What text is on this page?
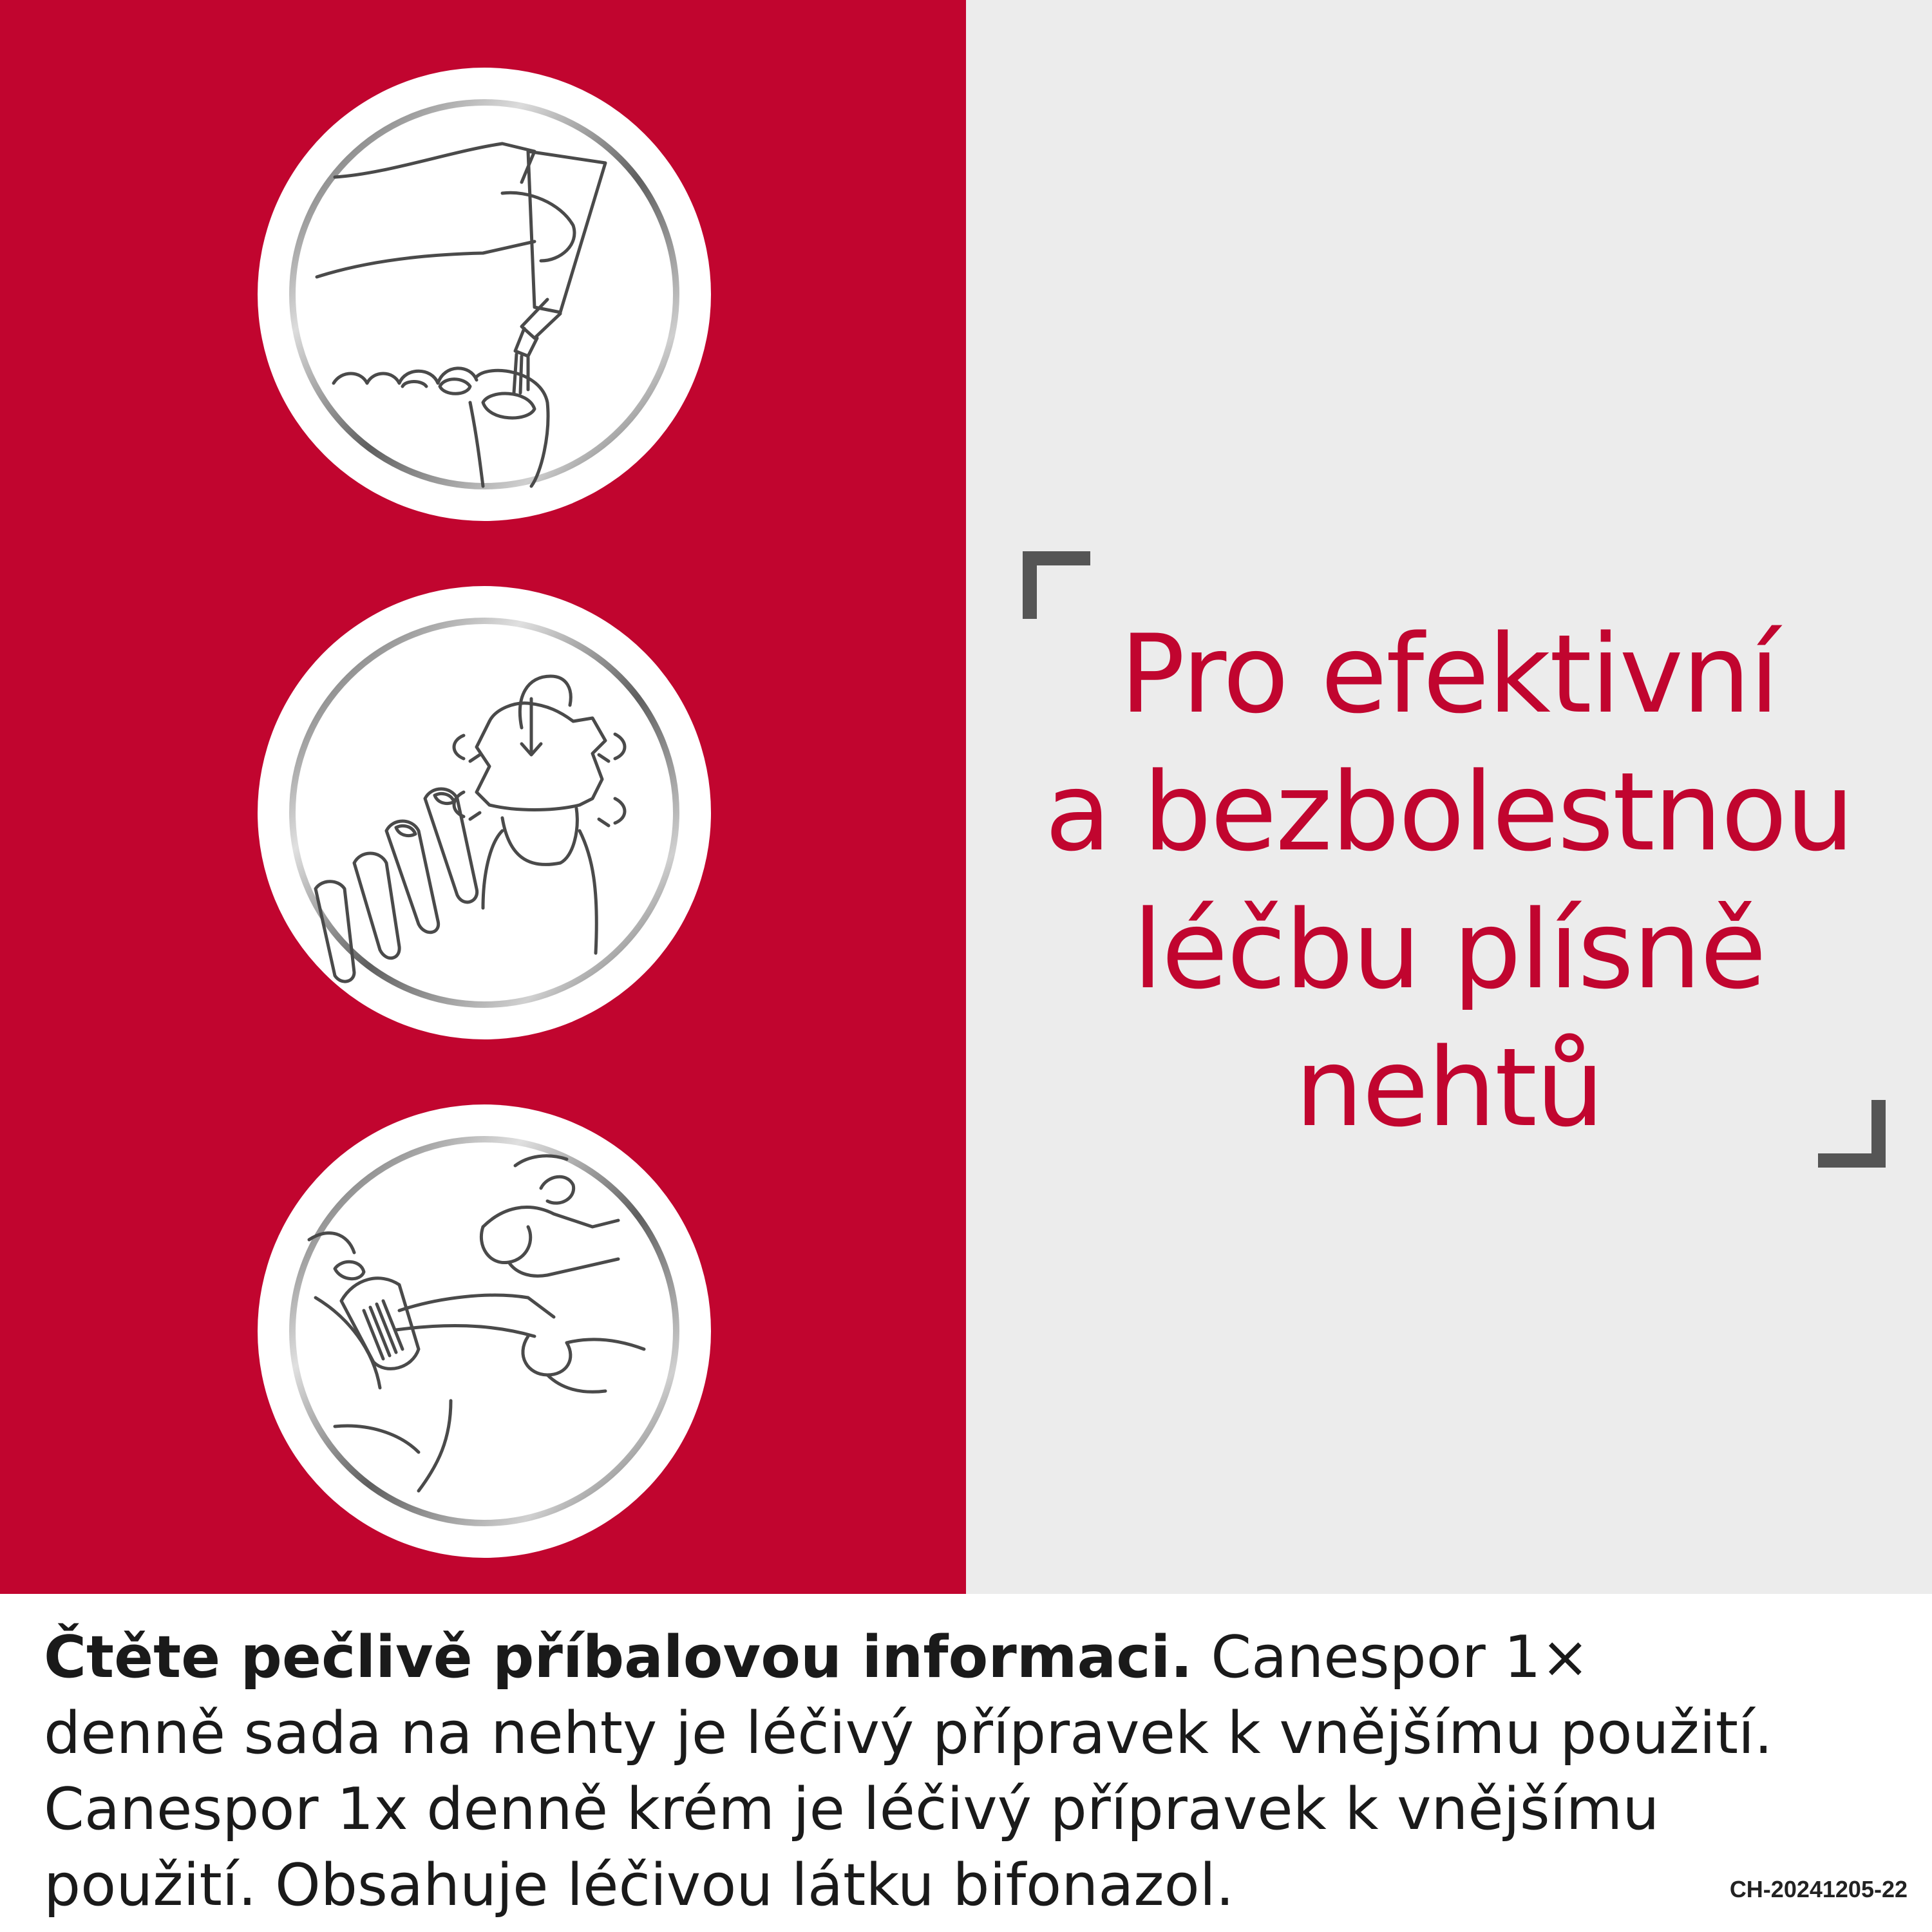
Pro efektivní
a bezbolestnou
léčbu plísně
nehtů

Čtěte pečlivě příbalovou informaci. Canespor 1× denně sada na nehty je léčivý přípravek k vnějšímu použití. Canespor 1x denně krém je léčivý přípravek k vnějšímu použití. Obsahuje léčivou látku bifonazol.	CH-20241205-22
